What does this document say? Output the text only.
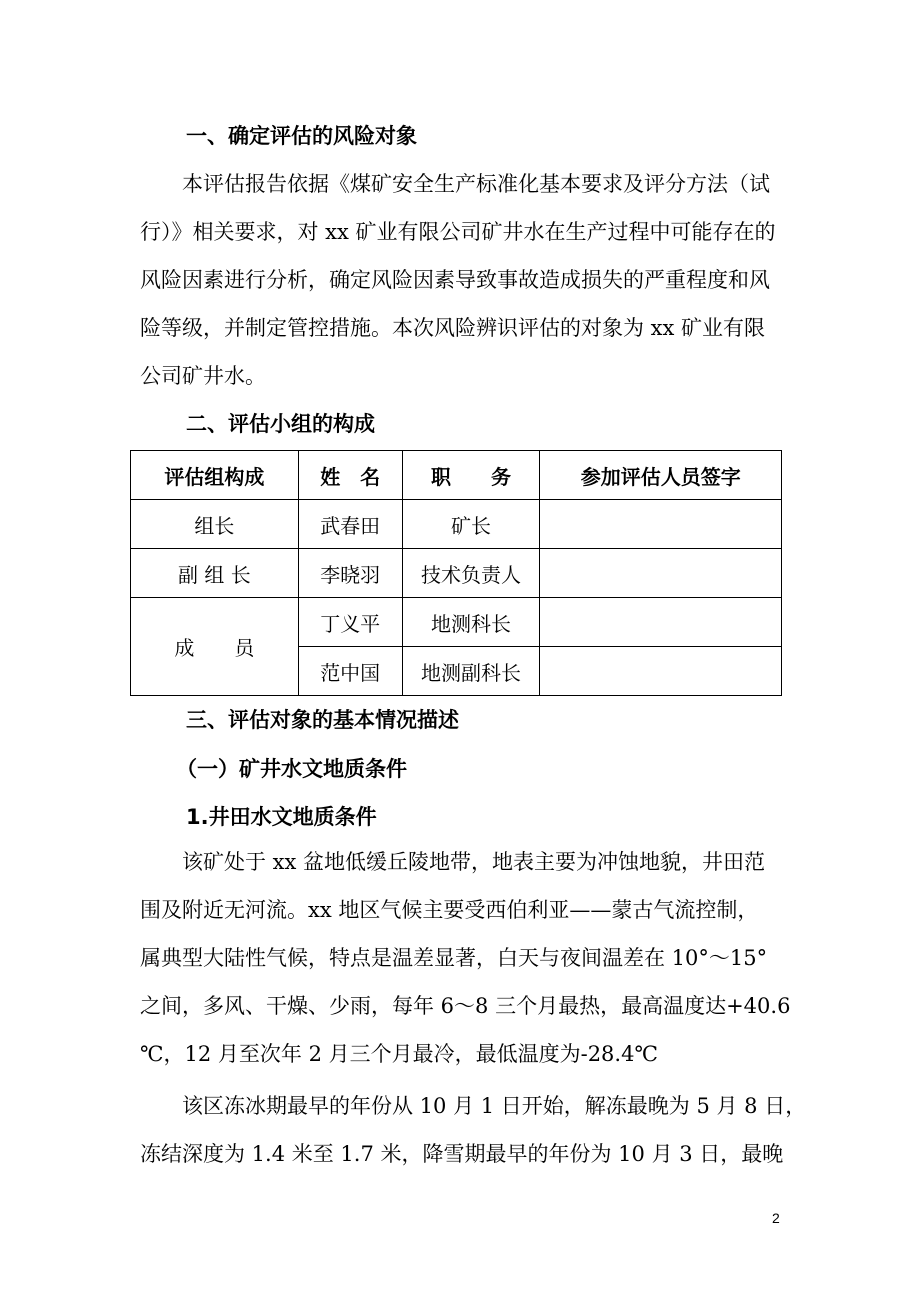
一、确定评估的风险对象
本评估报告依据《煤矿安全生产标准化基本要求及评分方法（试
行）》相关要求，对 xx 矿业有限公司矿井水在生产过程中可能存在的
风险因素进行分析，确定风险因素导致事故造成损失的严重程度和风
险等级，并制定管控措施。本次风险辨识评估的对象为 xx 矿业有限
公司矿井水。
二、评估小组的构成
评估组构成	姓　名	职　　务	参加评估人员签字
组长	武春田	矿长	
副 组 长	李晓羽	技术负责人	
成　　员	丁义平	地测科长	
	范中国	地测副科长	
三、评估对象的基本情况描述
（一）矿井水文地质条件
1.井田水文地质条件
该矿处于 xx 盆地低缓丘陵地带，地表主要为冲蚀地貌，井田范
围及附近无河流。xx 地区气候主要受西伯利亚——蒙古气流控制，
属典型大陆性气候，特点是温差显著，白天与夜间温差在 10°～15°
之间，多风、干燥、少雨，每年 6～8 三个月最热，最高温度达+40.6
℃，12 月至次年 2 月三个月最冷，最低温度为-28.4℃
该区冻冰期最早的年份从 10 月 1 日开始，解冻最晚为 5 月 8 日，
冻结深度为 1.4 米至 1.7 米，降雪期最早的年份为 10 月 3 日，最晚
2
